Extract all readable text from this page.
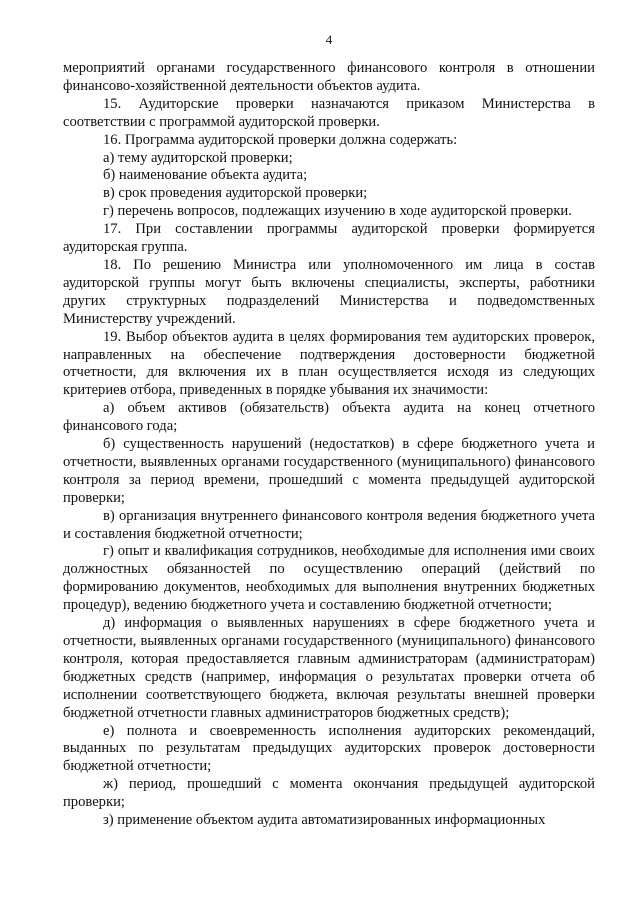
4

мероприятий органами государственного финансового контроля в отношении финансово-хозяйственной деятельности объектов аудита.

15. Аудиторские проверки назначаются приказом Министерства в соответствии с программой аудиторской проверки.

16. Программа аудиторской проверки должна содержать:

а) тему аудиторской проверки;

б) наименование объекта аудита;

в) срок проведения аудиторской проверки;

г) перечень вопросов, подлежащих изучению в ходе аудиторской проверки.

17. При составлении программы аудиторской проверки формируется аудиторская группа.

18. По решению Министра или уполномоченного им лица в состав аудиторской группы могут быть включены специалисты, эксперты, работники других структурных подразделений Министерства и подведомственных Министерству учреждений.

19. Выбор объектов аудита в целях формирования тем аудиторских проверок, направленных на обеспечение подтверждения достоверности бюджетной отчетности, для включения их в план осуществляется исходя из следующих критериев отбора, приведенных в порядке убывания их значимости:

а) объем активов (обязательств) объекта аудита на конец отчетного финансового года;

б) существенность нарушений (недостатков) в сфере бюджетного учета и отчетности, выявленных органами государственного (муниципального) финансового контроля за период времени, прошедший с момента предыдущей аудиторской проверки;

в) организация внутреннего финансового контроля ведения бюджетного учета и составления бюджетной отчетности;

г) опыт и квалификация сотрудников, необходимые для исполнения ими своих должностных обязанностей по осуществлению операций (действий по формированию документов, необходимых для выполнения внутренних бюджетных процедур), ведению бюджетного учета и составлению бюджетной отчетности;

д) информация о выявленных нарушениях в сфере бюджетного учета и отчетности, выявленных органами государственного (муниципального) финансового контроля, которая предоставляется главным администраторам (администраторам) бюджетных средств (например, информация о результатах проверки отчета об исполнении соответствующего бюджета, включая результаты внешней проверки бюджетной отчетности главных администраторов бюджетных средств);

е) полнота и своевременность исполнения аудиторских рекомендаций, выданных по результатам предыдущих аудиторских проверок достоверности бюджетной отчетности;

ж) период, прошедший с момента окончания предыдущей аудиторской проверки;

з) применение объектом аудита автоматизированных информационных
